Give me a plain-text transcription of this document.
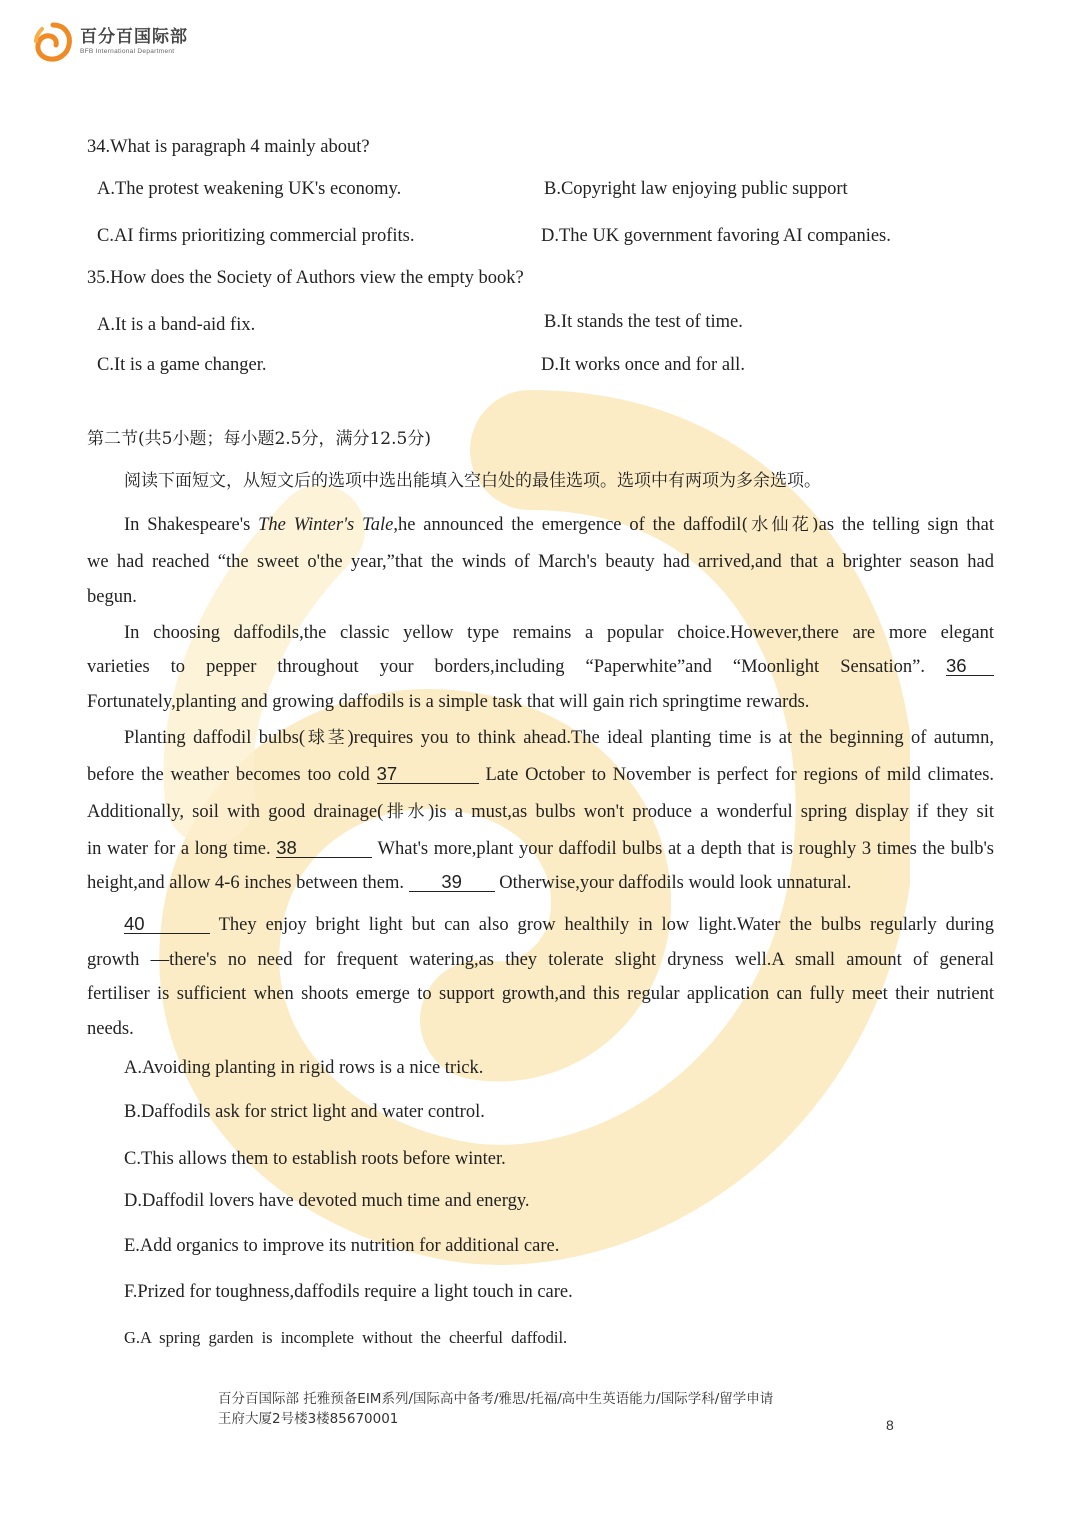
百分百国际部
BFB International Department
34.What is paragraph 4 mainly about?
A.The protest weakening UK's economy.	B.Copyright law enjoying public support
C.AI firms prioritizing commercial profits.	D.The UK government favoring AI companies.
35.How does the Society of Authors view the empty book?
A.It is a band-aid fix.	B.It stands the test of time.
C.It is a game changer.	D.It works once and for all.
第二节(共5小题；每小题2.5分，满分12.5分)
阅读下面短文，从短文后的选项中选出能填入空白处的最佳选项。选项中有两项为多余选项。
In Shakespeare's The Winter's Tale,he announced the emergence of the daffodil(水仙花)as the telling sign that
we had reached “the sweet o'the year,”that the winds of March's beauty had arrived,and that a brighter season had
begun.
In choosing daffodils,the classic yellow type remains a popular choice.However,there are more elegant
varieties to pepper throughout your borders,including “Paperwhite”and “Moonlight Sensation”. 36
Fortunately,planting and growing daffodils is a simple task that will gain rich springtime rewards.
Planting daffodil bulbs(球茎)requires you to think ahead.The ideal planting time is at the beginning of autumn,
before the weather becomes too cold 37	Late October to November is perfect for regions of mild climates.
Additionally, soil with good drainage(排水)is a must,as bulbs won't produce a wonderful spring display if they sit
in water for a long time. 38	What's more,plant your daffodil bulbs at a depth that is roughly 3 times the bulb's
height,and allow 4-6 inches between them. 39 Otherwise,your daffodils would look unnatural.
40	They enjoy bright light but can also grow healthily in low light.Water the bulbs regularly during
growth —there's no need for frequent watering,as they tolerate slight dryness well.A small amount of general
fertiliser is sufficient when shoots emerge to support growth,and this regular application can fully meet their nutrient
needs.
A.Avoiding planting in rigid rows is a nice trick.
B.Daffodils ask for strict light and water control.
C.This allows them to establish roots before winter.
D.Daffodil lovers have devoted much time and energy.
E.Add organics to improve its nutrition for additional care.
F.Prized for toughness,daffodils require a light touch in care.
G.A spring garden is incomplete without the cheerful daffodil.
百分百国际部 托雅预备EIM系列/国际高中备考/雅思/托福/高中生英语能力/国际学科/留学申请
王府大厦2号楼3楼85670001	8
